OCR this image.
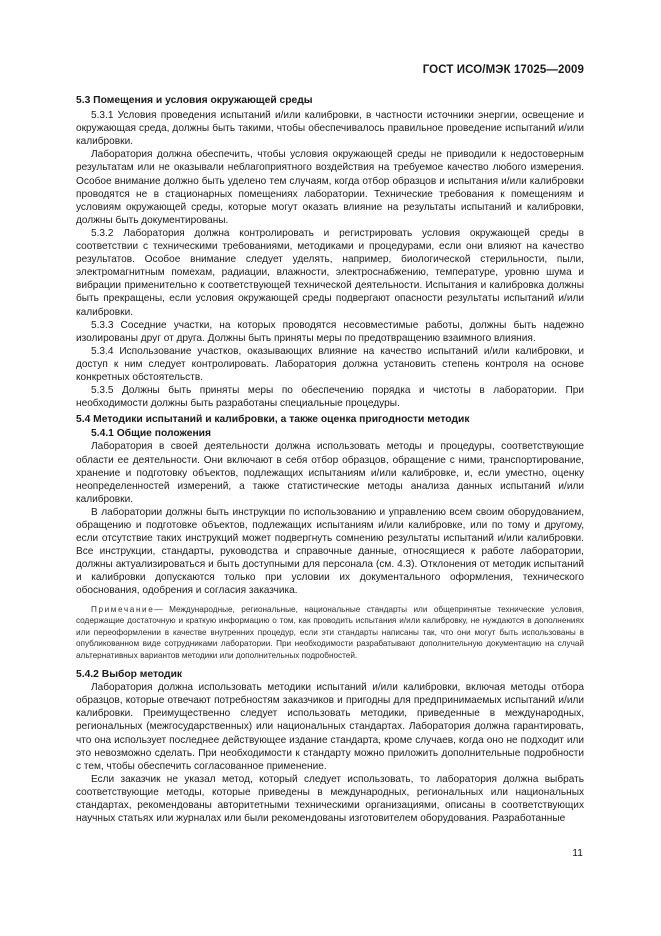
ГОСТ ИСО/МЭК 17025—2009
5.3 Помещения и условия окружающей среды

5.3.1 Условия проведения испытаний и/или калибровки, в частности источники энергии, освещение и окружающая среда, должны быть такими, чтобы обеспечивалось правильное проведение испытаний и/или калибровки.

Лаборатория должна обеспечить, чтобы условия окружающей среды не приводили к недостоверным результатам или не оказывали неблагоприятного воздействия на требуемое качество любого измерения. Особое внимание должно быть уделено тем случаям, когда отбор образцов и испытания и/или калибровки проводятся не в стационарных помещениях лаборатории. Технические требования к помещениям и условиям окружающей среды, которые могут оказать влияние на результаты испытаний и калибровки, должны быть документированы.

5.3.2 Лаборатория должна контролировать и регистрировать условия окружающей среды в соответствии с техническими требованиями, методиками и процедурами, если они влияют на качество результатов. Особое внимание следует уделять, например, биологической стерильности, пыли, электромагнитным помехам, радиации, влажности, электроснабжению, температуре, уровню шума и вибрации применительно к соответствующей технической деятельности. Испытания и калибровка должны быть прекращены, если условия окружающей среды подвергают опасности результаты испытаний и/или калибровки.

5.3.3 Соседние участки, на которых проводятся несовместимые работы, должны быть надежно изолированы друг от друга. Должны быть приняты меры по предотвращению взаимного влияния.

5.3.4 Использование участков, оказывающих влияние на качество испытаний и/или калибровки, и доступ к ним следует контролировать. Лаборатория должна установить степень контроля на основе конкретных обстоятельств.

5.3.5 Должны быть приняты меры по обеспечению порядка и чистоты в лаборатории. При необходимости должны быть разработаны специальные процедуры.

5.4 Методики испытаний и калибровки, а также оценка пригодности методик
5.4.1 Общие положения

Лаборатория в своей деятельности должна использовать методы и процедуры, соответствующие области ее деятельности. Они включают в себя отбор образцов, обращение с ними, транспортирование, хранение и подготовку объектов, подлежащих испытаниям и/или калибровке, и, если уместно, оценку неопределенностей измерений, а также статистические методы анализа данных испытаний и/или калибровки.

В лаборатории должны быть инструкции по использованию и управлению всем своим оборудованием, обращению и подготовке объектов, подлежащих испытаниям и/или калибровке, или по тому и другому, если отсутствие таких инструкций может подвергнуть сомнению результаты испытаний и/или калибровки. Все инструкции, стандарты, руководства и справочные данные, относящиеся к работе лаборатории, должны актуализироваться и быть доступными для персонала (см. 4.3). Отклонения от методик испытаний и калибровки допускаются только при условии их документального оформления, технического обоснования, одобрения и согласия заказчика.

Примечание— Международные, региональные, национальные стандарты или общепринятые технические условия, содержащие достаточную и краткую информацию о том, как проводить испытания и/или калибровку, не нуждаются в дополнениях или переоформлении в качестве внутренних процедур, если эти стандарты написаны так, что они могут быть использованы в опубликованном виде сотрудниками лаборатории. При необходимости разрабатывают дополнительную документацию на случай альтернативных вариантов методики или дополнительных подробностей.
5.4.2 Выбор методик

Лаборатория должна использовать методики испытаний и/или калибровки, включая методы отбора образцов, которые отвечают потребностям заказчиков и пригодны для предпринимаемых испытаний и/или калибровки. Преимущественно следует использовать методики, приведенные в международных, региональных (межгосударственных) или национальных стандартах. Лаборатория должна гарантировать, что она использует последнее действующее издание стандарта, кроме случаев, когда оно не подходит или это невозможно сделать. При необходимости к стандарту можно приложить дополнительные подробности с тем, чтобы обеспечить согласованное применение.

Если заказчик не указал метод, который следует использовать, то лаборатория должна выбрать соответствующие методы, которые приведены в международных, региональных или национальных стандартах, рекомендованы авторитетными техническими организациями, описаны в соответствующих научных статьях или журналах или были рекомендованы изготовителем оборудования. Разработанные

11
